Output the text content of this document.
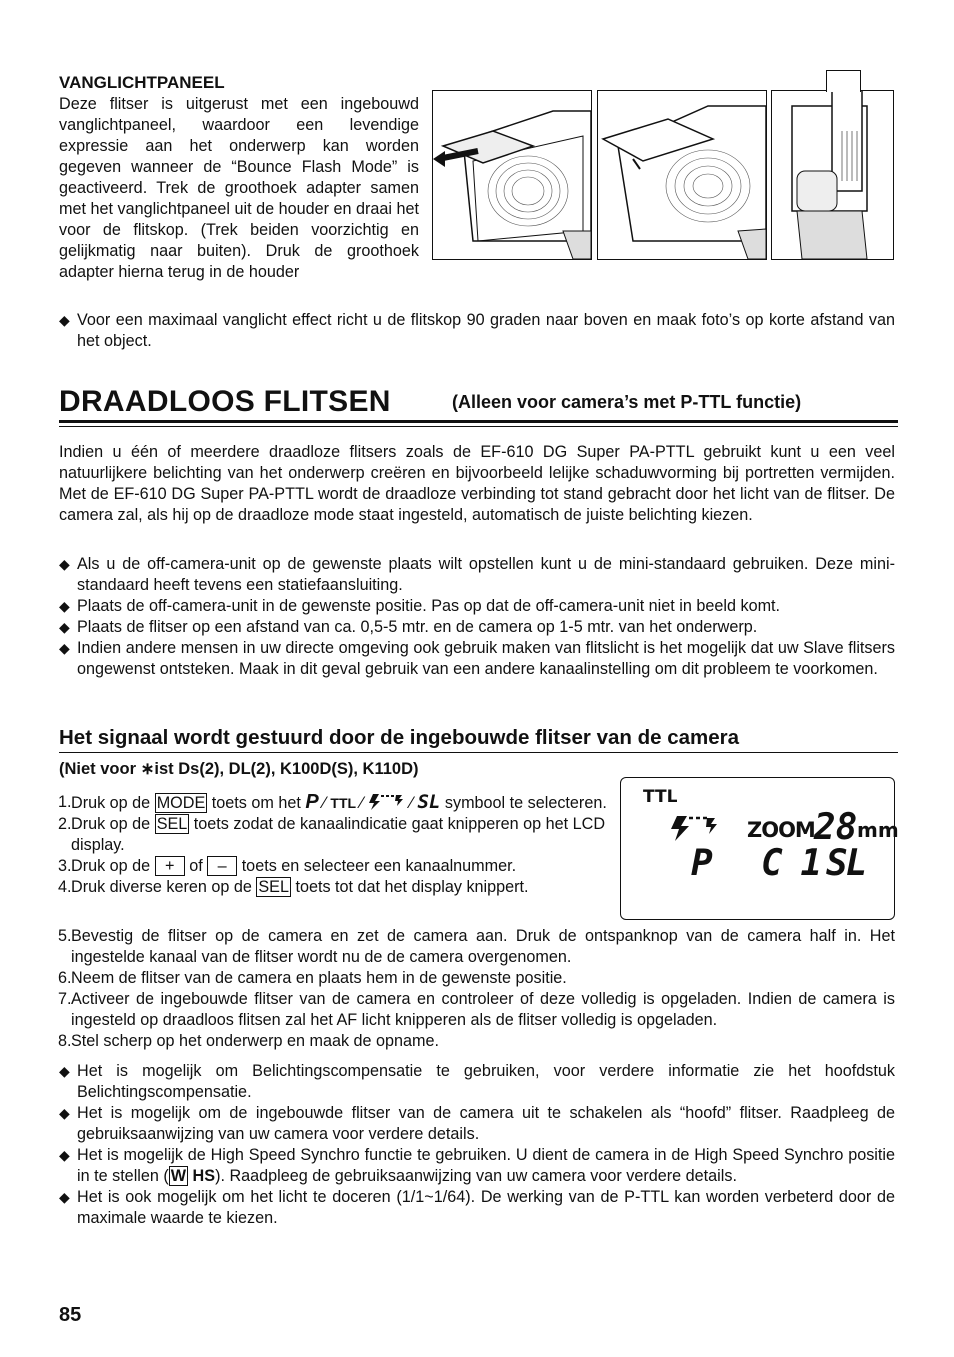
VANGLICHTPANEEL

Deze flitser is uitgerust met een ingebouwd vanglichtpaneel, waardoor een levendige expressie aan het onderwerp kan worden gegeven wanneer de “Bounce Flash Mode” is geactiveerd. Trek de groothoek adapter samen met het vanglichtpaneel uit de houder en draai het voor de flitskop. (Trek beiden voorzichtig en gelijkmatig naar buiten). Druk de groothoek adapter hierna terug in de houder

◆ Voor een maximaal vanglicht effect richt u de flitskop 90 graden naar boven en maak foto’s op korte afstand van het object.
DRAADLOOS FLITSEN	(Alleen voor camera’s met P-TTL functie)

Indien u één of meerdere draadloze flitsers zoals de EF-610 DG Super PA-PTTL gebruikt kunt u een veel natuurlijkere belichting van het onderwerp creëren en bijvoorbeeld lelijke schaduwvorming bij portretten vermijden. Met de EF-610 DG Super PA-PTTL wordt de draadloze verbinding tot stand gebracht door het licht van de flitser. De camera zal, als hij op de draadloze mode staat ingesteld, automatisch de juiste belichting kiezen.

◆ Als u de off-camera-unit op de gewenste plaats wilt opstellen kunt u de mini-standaard gebruiken. Deze mini-standaard heeft tevens een statiefaansluiting.
◆ Plaats de off-camera-unit in de gewenste positie. Pas op dat de off-camera-unit niet in beeld komt.
◆ Plaats de flitser op een afstand van ca. 0,5-5 mtr. en de camera op 1-5 mtr. van het onderwerp.
◆ Indien andere mensen in uw directe omgeving ook gebruik maken van flitslicht is het mogelijk dat uw Slave flitsers ongewenst ontsteken. Maak in dit geval gebruik van een andere kanaalinstelling om dit probleem te voorkomen.
Het signaal wordt gestuurd door de ingebouwde flitser van de camera
(Niet voor ∗ist Ds(2), DL(2), K100D(S), K110D)
TTL
ZOOM 28 mm
P C 1 SL
1. Druk op de MODE toets om het P ⁄ TTL ⁄	⁄ SL symbool te selecteren.
2. Druk op de SEL toets zodat de kanaalindicatie gaat knipperen op het LCD display.
3. Druk op de + of – toets en selecteer een kanaalnummer.
4. Druk diverse keren op de SEL toets tot dat het display knippert.
5. Bevestig de flitser op de camera en zet de camera aan. Druk de ontspanknop van de camera half in. Het ingestelde kanaal van de flitser wordt nu de de camera overgenomen.
6. Neem de flitser van de camera en plaats hem in de gewenste positie.
7. Activeer de ingebouwde flitser van de camera en controleer of deze volledig is opgeladen. Indien de camera is ingesteld op draadloos flitsen zal het AF licht knipperen als de flitser volledig is opgeladen.
8. Stel scherp op het onderwerp en maak de opname.
◆ Het is mogelijk om Belichtingscompensatie te gebruiken, voor verdere informatie zie het hoofdstuk Belichtingscompensatie.
◆ Het is mogelijk om de ingebouwde flitser van de camera uit te schakelen als “hoofd” flitser. Raadpleeg de gebruiksaanwijzing van uw camera voor verdere details.
◆ Het is mogelijk de High Speed Synchro functie te gebruiken. U dient de camera in de High Speed Synchro positie in te stellen ( W HS). Raadpleeg de gebruiksaanwijzing van uw camera voor verdere details.
◆ Het is ook mogelijk om het licht te doceren (1/1~1/64). De werking van de P-TTL kan worden verbeterd door de maximale waarde te kiezen.
85
